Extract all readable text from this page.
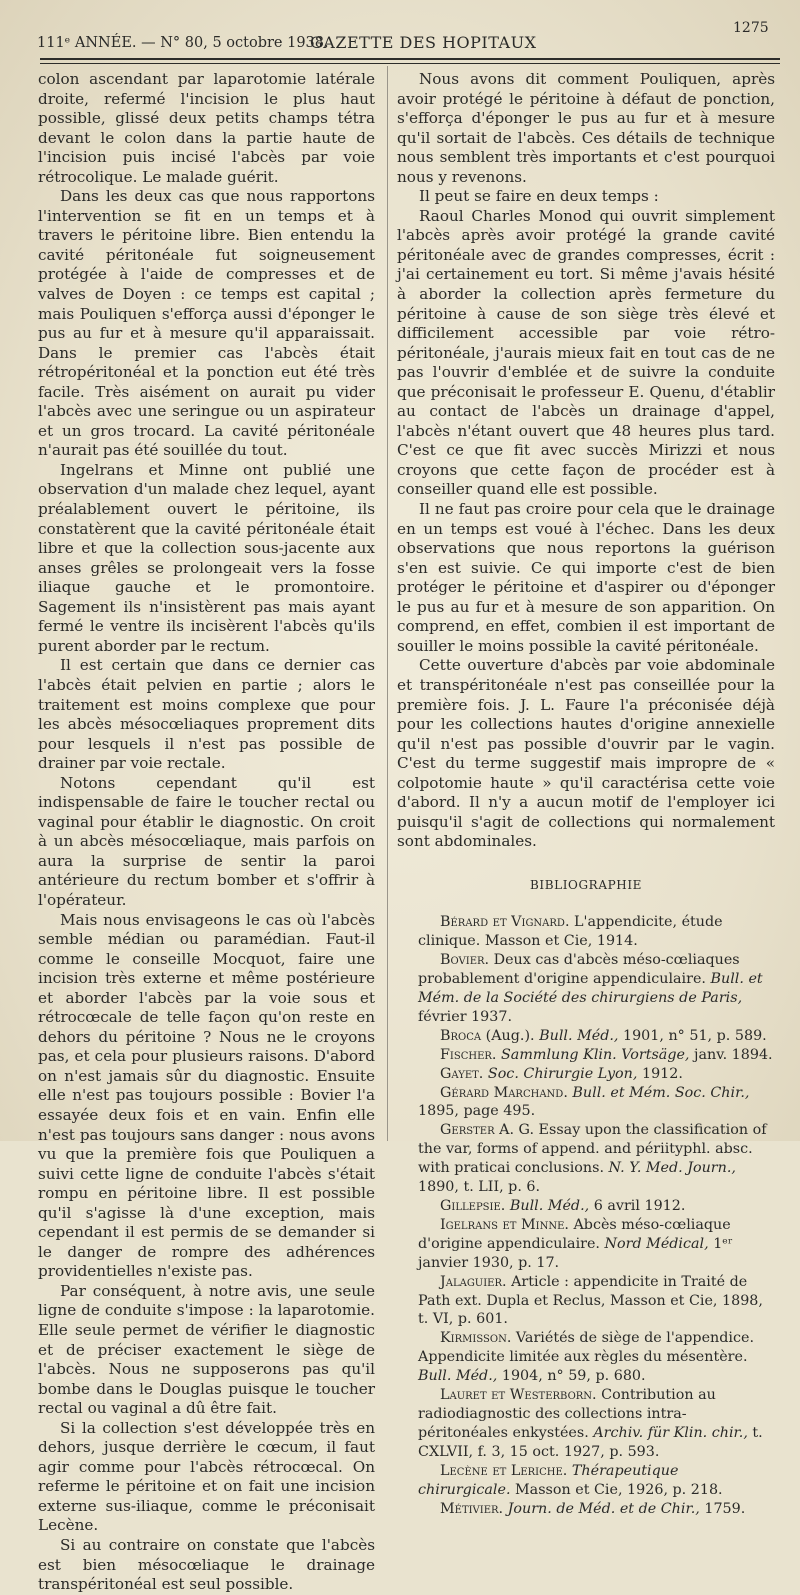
111ᵉ ANNÉE. — N° 80, 5 octobre 1938.
GAZETTE DES HOPITAUX
1275

colon ascendant par laparotomie latérale droite, refermé l'incision le plus haut possible, glissé deux petits champs tétra devant le colon dans la partie haute de l'incision puis incisé l'abcès par voie rétrocolique. Le malade guérit.

Dans les deux cas que nous rapportons l'intervention se fit en un temps et à travers le péritoine libre. Bien entendu la cavité péritonéale fut soigneusement protégée à l'aide de compresses et de valves de Doyen : ce temps est capital ; mais Pouliquen s'efforça aussi d'éponger le pus au fur et à mesure qu'il apparaissait. Dans le premier cas l'abcès était rétropéritonéal et la ponction eut été très facile. Très aisément on aurait pu vider l'abcès avec une seringue ou un aspirateur et un gros trocard. La cavité péritonéale n'aurait pas été souillée du tout.

Ingelrans et Minne ont publié une observation d'un malade chez lequel, ayant préalablement ouvert le péritoine, ils constatèrent que la cavité péritonéale était libre et que la collection sous-jacente aux anses grêles se prolongeait vers la fosse iliaque gauche et le promontoire. Sagement ils n'insistèrent pas mais ayant fermé le ventre ils incisèrent l'abcès qu'ils purent aborder par le rectum.

Il est certain que dans ce dernier cas l'abcès était pelvien en partie ; alors le traitement est moins complexe que pour les abcès mésocœliaques proprement dits pour lesquels il n'est pas possible de drainer par voie rectale.

Notons cependant qu'il est indispensable de faire le toucher rectal ou vaginal pour établir le diagnostic. On croit à un abcès mésocœliaque, mais parfois on aura la surprise de sentir la paroi antérieure du rectum bomber et s'offrir à l'opérateur.

Mais nous envisageons le cas où l'abcès semble médian ou paramédian. Faut-il comme le conseille Mocquot, faire une incision très externe et même postérieure et aborder l'abcès par la voie sous et rétrocœcale de telle façon qu'on reste en dehors du péritoine ? Nous ne le croyons pas, et cela pour plusieurs raisons. D'abord on n'est jamais sûr du diagnostic. Ensuite elle n'est pas toujours possible : Bovier l'a essayée deux fois et en vain. Enfin elle n'est pas toujours sans danger : nous avons vu que la première fois que Pouliquen a suivi cette ligne de conduite l'abcès s'était rompu en péritoine libre. Il est possible qu'il s'agisse là d'une exception, mais cependant il est permis de se demander si le danger de rompre des adhérences providentielles n'existe pas.

Par conséquent, à notre avis, une seule ligne de conduite s'impose : la laparotomie. Elle seule permet de vérifier le diagnostic et de préciser exactement le siège de l'abcès. Nous ne supposerons pas qu'il bombe dans le Douglas puisque le toucher rectal ou vaginal a dû être fait.

Si la collection s'est développée très en dehors, jusque derrière le cœcum, il faut agir comme pour l'abcès rétrocœcal. On referme le péritoine et on fait une incision externe sus-iliaque, comme le préconisait Lecène.

Si au contraire on constate que l'abcès est bien mésocœliaque le drainage transpéritonéal est seul possible.

Nous avons dit comment Pouliquen, après avoir protégé le péritoine à défaut de ponction, s'efforça d'éponger le pus au fur et à mesure qu'il sortait de l'abcès. Ces détails de technique nous semblent très importants et c'est pourquoi nous y revenons.

Il peut se faire en deux temps :

Raoul Charles Monod qui ouvrit simplement l'abcès après avoir protégé la grande cavité péritonéale avec de grandes compresses, écrit : j'ai certainement eu tort. Si même j'avais hésité à aborder la collection après fermeture du péritoine à cause de son siège très élevé et difficilement accessible par voie rétro-péritonéale, j'aurais mieux fait en tout cas de ne pas l'ouvrir d'emblée et de suivre la conduite que préconisait le professeur E. Quenu, d'établir au contact de l'abcès un drainage d'appel, l'abcès n'étant ouvert que 48 heures plus tard. C'est ce que fit avec succès Mirizzi et nous croyons que cette façon de procéder est à conseiller quand elle est possible.

Il ne faut pas croire pour cela que le drainage en un temps est voué à l'échec. Dans les deux observations que nous reportons la guérison s'en est suivie. Ce qui importe c'est de bien protéger le péritoine et d'aspirer ou d'éponger le pus au fur et à mesure de son apparition. On comprend, en effet, combien il est important de souiller le moins possible la cavité péritonéale.

Cette ouverture d'abcès par voie abdominale et transpéritonéale n'est pas conseillée pour la première fois. J. L. Faure l'a préconisée déjà pour les collections hautes d'origine annexielle qu'il n'est pas possible d'ouvrir par le vagin. C'est du terme suggestif mais impropre de « colpotomie haute » qu'il caractérisa cette voie d'abord. Il n'y a aucun motif de l'employer ici puisqu'il s'agit de collections qui normalement sont abdominales.

BIBLIOGRAPHIE

Bérard et Vignard. L'appendicite, étude clinique. Masson et Cie, 1914.

Bovier. Deux cas d'abcès méso-cœliaques probablement d'origine appendiculaire. Bull. et Mém. de la Société des chirurgiens de Paris, février 1937.

Broca (Aug.). Bull. Méd., 1901, n° 51, p. 589.

Fischer. Sammlung Klin. Vortsäge, janv. 1894.

Gayet. Soc. Chirurgie Lyon, 1912.

Gérard Marchand. Bull. et Mém. Soc. Chir., 1895, page 495.

Gerster A. G. Essay upon the classification of the var, forms of append. and périityphl. absc. with praticai conclusions. N. Y. Med. Journ., 1890, t. LII, p. 6.

Gillepsie. Bull. Méd., 6 avril 1912.

Igelrans et Minne. Abcès méso-cœliaque d'origine appendiculaire. Nord Médical, 1ᵉʳ janvier 1930, p. 17.

Jalaguier. Article : appendicite in Traité de Path ext. Dupla et Reclus, Masson et Cie, 1898, t. VI, p. 601.

Kirmisson. Variétés de siège de l'appendice. Appendicite limitée aux règles du mésentère. Bull. Méd., 1904, n° 59, p. 680.

Lauret et Westerborn. Contribution au radiodiagnostic des collections intra-péritonéales enkystées. Archiv. für Klin. chir., t. CXLVII, f. 3, 15 oct. 1927, p. 593.

Lecène et Leriche. Thérapeutique chirurgicale. Masson et Cie, 1926, p. 218.

Métivier. Journ. de Méd. et de Chir., 1759.
